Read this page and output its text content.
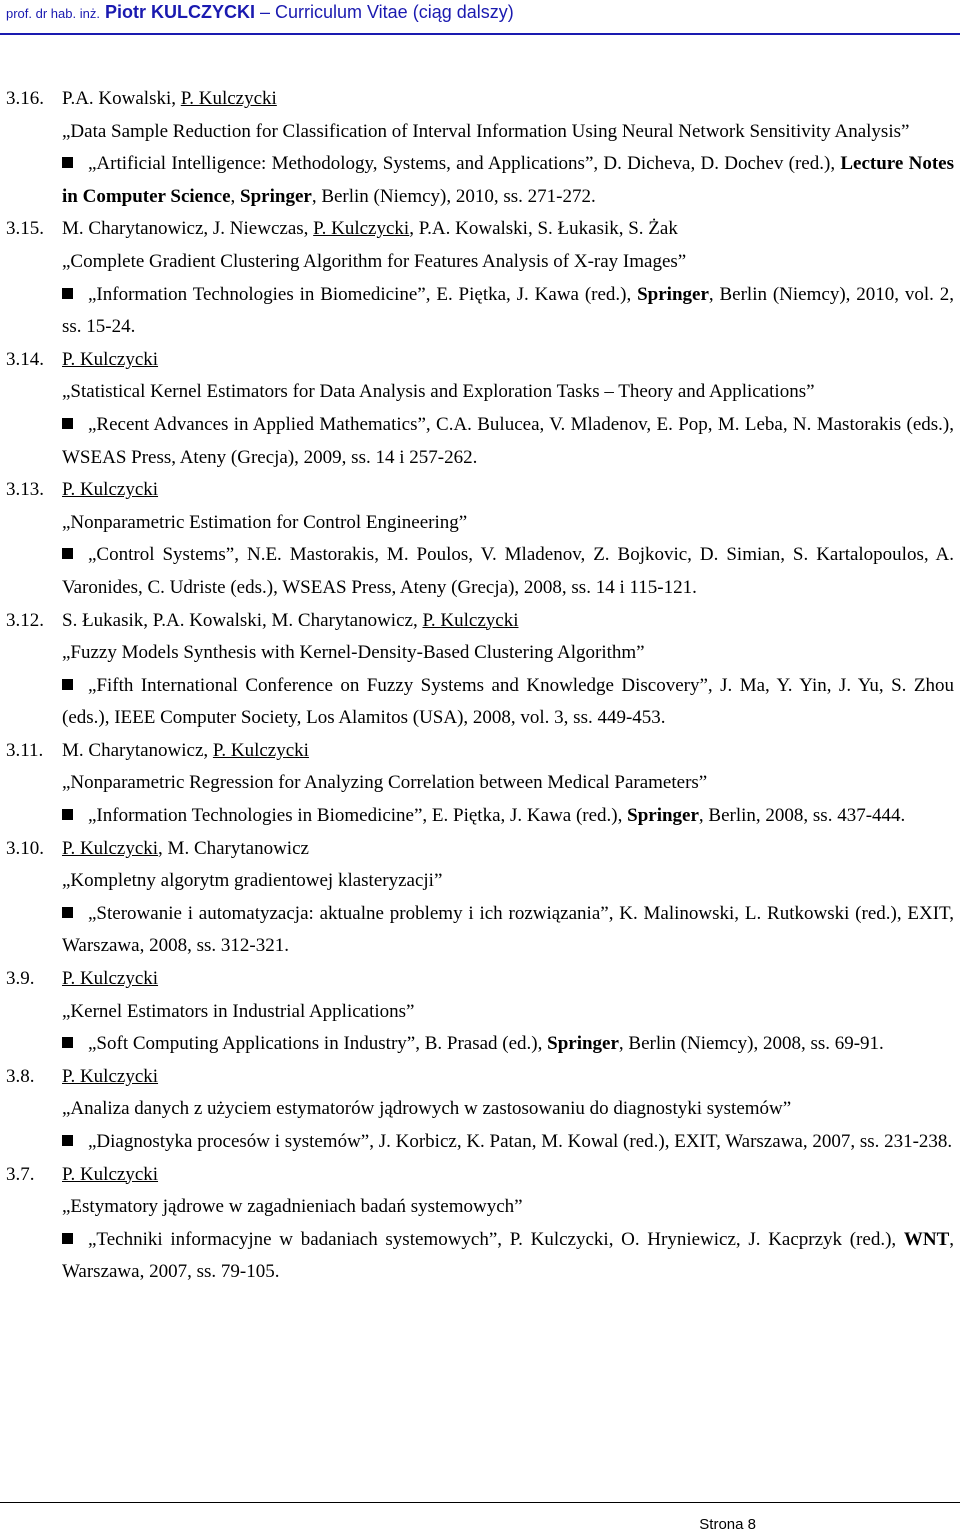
prof. dr hab. inż. Piotr KULCZYCKI – Curriculum Vitae (ciąg dalszy)
3.16. P.A. Kowalski, P. Kulczycki
„Data Sample Reduction for Classification of Interval Information Using Neural Network Sensitivity Analysis”
„Artificial Intelligence: Methodology, Systems, and Applications”, D. Dicheva, D. Dochev (red.), Lecture Notes in Computer Science, Springer, Berlin (Niemcy), 2010, ss. 271-272.
3.15. M. Charytanowicz, J. Niewczas, P. Kulczycki, P.A. Kowalski, S. Łukasik, S. Żak
„Complete Gradient Clustering Algorithm for Features Analysis of X-ray Images”
„Information Technologies in Biomedicine”, E. Piętka, J. Kawa (red.), Springer, Berlin (Niemcy), 2010, vol. 2, ss. 15-24.
3.14. P. Kulczycki
„Statistical Kernel Estimators for Data Analysis and Exploration Tasks – Theory and Applications”
„Recent Advances in Applied Mathematics”, C.A. Bulucea, V. Mladenov, E. Pop, M. Leba, N. Mastorakis (eds.), WSEAS Press, Ateny (Grecja), 2009, ss. 14 i 257-262.
3.13. P. Kulczycki
„Nonparametric Estimation for Control Engineering”
„Control Systems”, N.E. Mastorakis, M. Poulos, V. Mladenov, Z. Bojkovic, D. Simian, S. Kartalopoulos, A. Varonides, C. Udriste (eds.), WSEAS Press, Ateny (Grecja), 2008, ss. 14 i 115-121.
3.12. S. Łukasik, P.A. Kowalski, M. Charytanowicz, P. Kulczycki
„Fuzzy Models Synthesis with Kernel-Density-Based Clustering Algorithm”
„Fifth International Conference on Fuzzy Systems and Knowledge Discovery”, J. Ma, Y. Yin, J. Yu, S. Zhou (eds.), IEEE Computer Society, Los Alamitos (USA), 2008, vol. 3, ss. 449-453.
3.11. M. Charytanowicz, P. Kulczycki
„Nonparametric Regression for Analyzing Correlation between Medical Parameters”
„Information Technologies in Biomedicine”, E. Piętka, J. Kawa (red.), Springer, Berlin, 2008, ss. 437-444.
3.10. P. Kulczycki, M. Charytanowicz
„Kompletny algorytm gradientowej klasteryzacji”
„Sterowanie i automatyzacja: aktualne problemy i ich rozwiązania”, K. Malinowski, L. Rutkowski (red.), EXIT, Warszawa, 2008, ss. 312-321.
3.9.	P. Kulczycki
„Kernel Estimators in Industrial Applications”
„Soft Computing Applications in Industry”, B. Prasad (ed.), Springer, Berlin (Niemcy), 2008, ss. 69-91.
3.8.	P. Kulczycki
„Analiza danych z użyciem estymatorów jądrowych w zastosowaniu do diagnostyki systemów”
„Diagnostyka procesów i systemów”, J. Korbicz, K. Patan, M. Kowal (red.), EXIT, Warszawa, 2007, ss. 231-238.
3.7.	P. Kulczycki
„Estymatory jądrowe w zagadnieniach badań systemowych”
„Techniki informacyjne w badaniach systemowych”, P. Kulczycki, O. Hryniewicz, J. Kacprzyk (red.), WNT, Warszawa, 2007, ss. 79-105.
Strona 8
